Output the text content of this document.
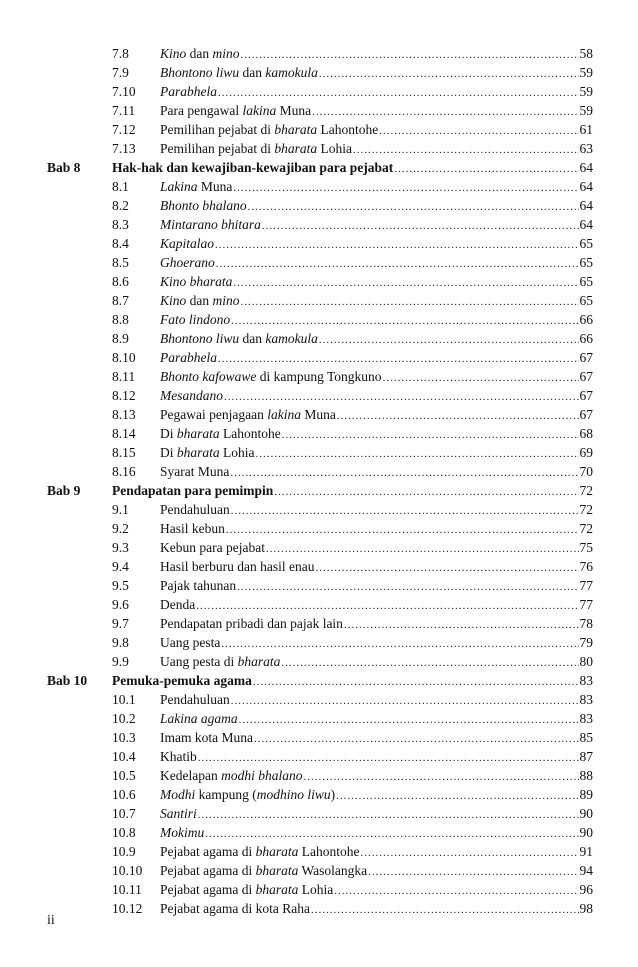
7.8 Kino dan mino .....	58
7.9 Bhontono liwu dan kamokula .....	59
7.10 Parabhela .....	59
7.11 Para pengawal lakina Muna .....	59
7.12 Pemilihan pejabat di bharata Lahontohe .....	61
7.13 Pemilihan pejabat di bharata Lohia .....	63
Bab 8 Hak-hak dan kewajiban-kewajiban para pejabat .....	64
8.1 Lakina Muna .....	64
8.2 Bhonto bhalano .....	64
8.3 Mintarano bhitara .....	64
8.4 Kapitalao .....	65
8.5 Ghoerano .....	65
8.6 Kino bharata .....	65
8.7 Kino dan mino .....	65
8.8 Fato lindono .....	66
8.9 Bhontono liwu dan kamokula .....	66
8.10 Parabhela .....	67
8.11 Bhonto kafowawe di kampung Tongkuno .....	67
8.12 Mesandano .....	67
8.13 Pegawai penjagaan lakina Muna .....	67
8.14 Di bharata Lahontohe .....	68
8.15 Di bharata Lohia .....	69
8.16 Syarat Muna .....	70
Bab 9 Pendapatan para pemimpin .....	72
9.1 Pendahuluan .....	72
9.2 Hasil kebun .....	72
9.3 Kebun para pejabat .....	75
9.4 Hasil berburu dan hasil enau .....	76
9.5 Pajak tahunan .....	77
9.6 Denda .....	77
9.7 Pendapatan pribadi dan pajak lain .....	78
9.8 Uang pesta .....	79
9.9 Uang pesta di bharata .....	80
Bab 10 Pemuka-pemuka agama .....	83
10.1 Pendahuluan .....	83
10.2 Lakina agama .....	83
10.3 Imam kota Muna .....	85
10.4 Khatib .....	87
10.5 Kedelapan modhi bhalano .....	88
10.6 Modhi kampung (modhino liwu) .....	89
10.7 Santiri .....	90
10.8 Mokimu .....	90
10.9 Pejabat agama di bharata Lahontohe .....	91
10.10 Pejabat agama di bharata Wasolangka .....	94
10.11 Pejabat agama di bharata Lohia .....	96
10.12 Pejabat agama di kota Raha .....	98
ii
